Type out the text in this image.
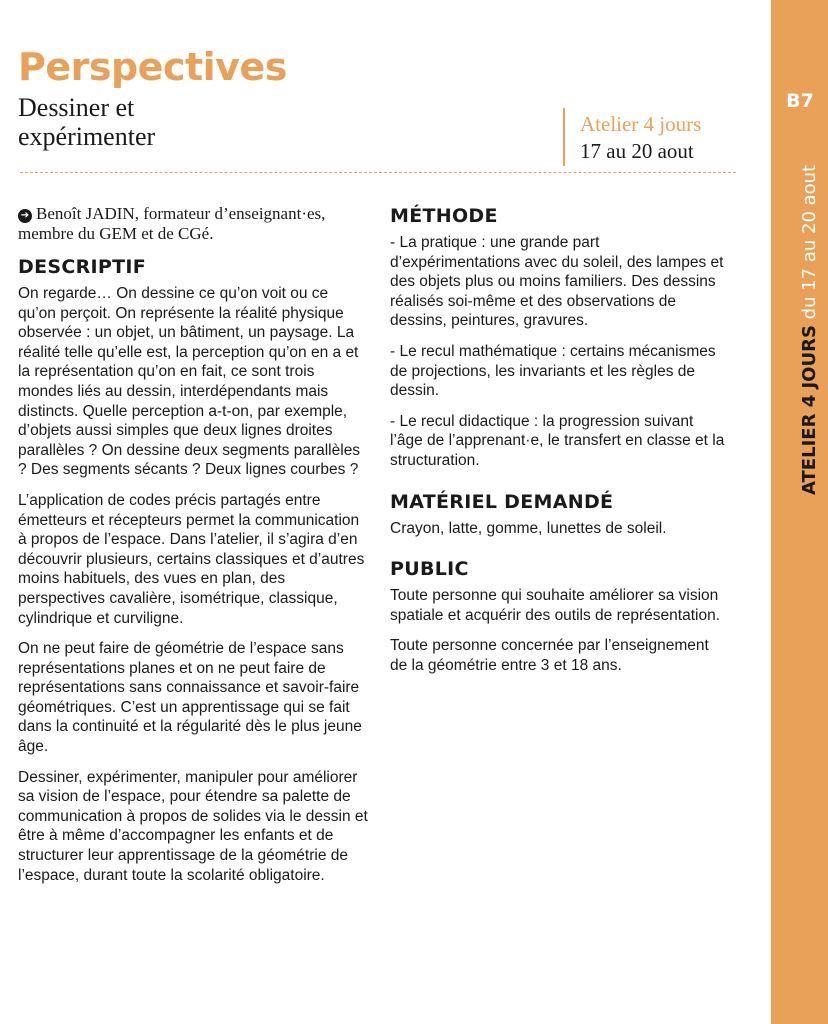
Perspectives
Dessiner et
expérimenter	Atelier 4 jours
17 au 20 aout

➔ Benoît JADIN, formateur d’enseignant·es, membre du GEM et de CGé.

DESCRIPTIF

On regarde… On dessine ce qu’on voit ou ce qu’on perçoit. On représente la réalité physique observée : un objet, un bâtiment, un paysage. La réalité telle qu’elle est, la perception qu’on en a et la représentation qu’on en fait, ce sont trois mondes liés au dessin, interdépendants mais distincts. Quelle perception a-t-on, par exemple, d’objets aussi simples que deux lignes droites parallèles ? On dessine deux segments parallèles ? Des segments sécants ? Deux lignes courbes ?

L’application de codes précis partagés entre émetteurs et récepteurs permet la communication à propos de l’espace. Dans l’atelier, il s’agira d’en découvrir plusieurs, certains classiques et d’autres moins habituels, des vues en plan, des perspectives cavalière, isométrique, classique, cylindrique et curviligne.

On ne peut faire de géométrie de l’espace sans représentations planes et on ne peut faire de représentations sans connaissance et savoir-faire géométriques. C’est un apprentissage qui se fait dans la continuité et la régularité dès le plus jeune âge.

Dessiner, expérimenter, manipuler pour améliorer sa vision de l’espace, pour étendre sa palette de communication à propos de solides via le dessin et être à même d’accompagner les enfants et de structurer leur apprentissage de la géométrie de l’espace, durant toute la scolarité obligatoire.

MÉTHODE

- La pratique : une grande part d’expérimentations avec du soleil, des lampes et des objets plus ou moins familiers. Des dessins réalisés soi-même et des observations de dessins, peintures, gravures.

- Le recul mathématique : certains mécanismes de projections, les invariants et les règles de dessin.

- Le recul didactique : la progression suivant l’âge de l’apprenant·e, le transfert en classe et la structuration.

MATÉRIEL DEMANDÉ

Crayon, latte, gomme, lunettes de soleil.

PUBLIC

Toute personne qui souhaite améliorer sa vision spatiale et acquérir des outils de représentation.

Toute personne concernée par l’enseignement de la géométrie entre 3 et 18 ans.

B7
ATELIER 4 JOURS du 17 au 20 aout
